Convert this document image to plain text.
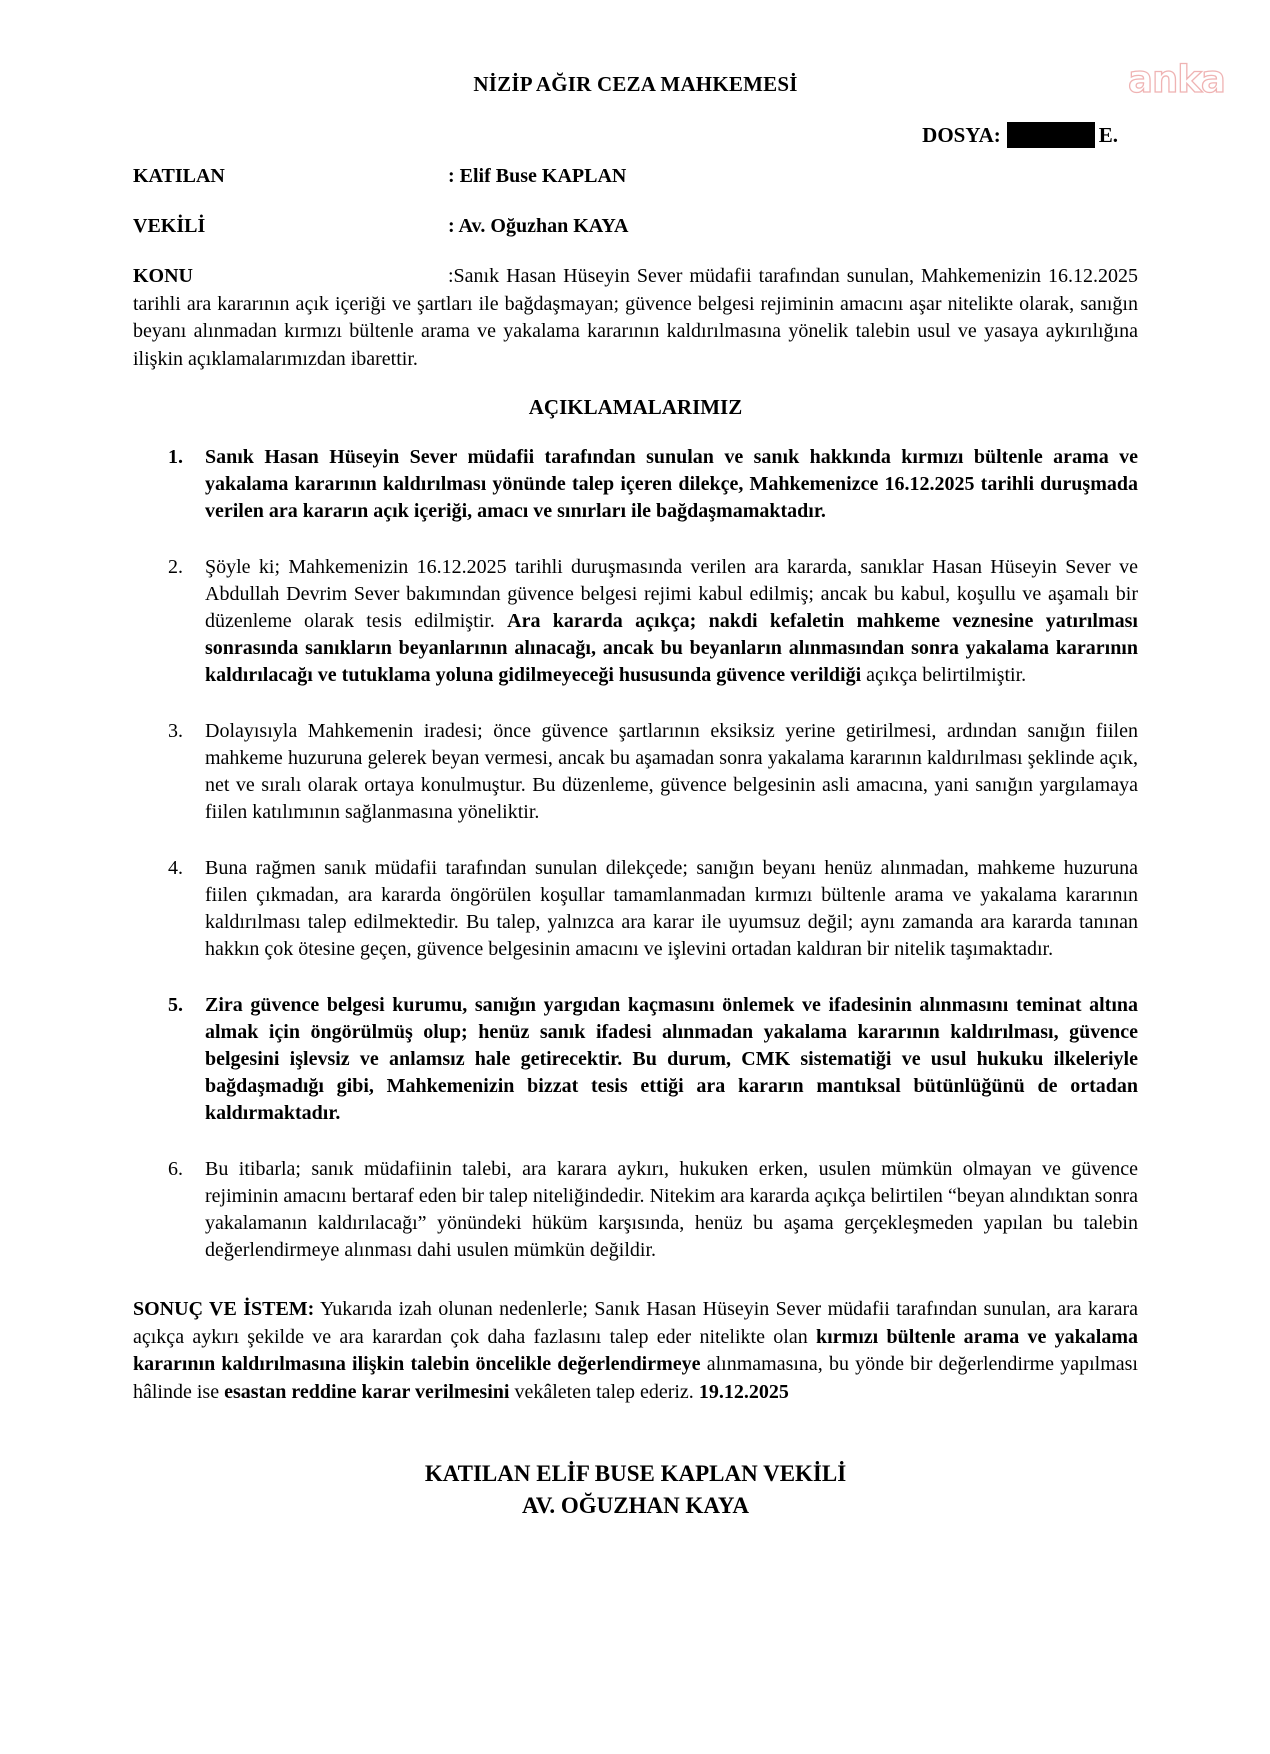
anka
NİZİP AĞIR CEZA MAHKEMESİ
DOSYA:	E.
KATILAN	: Elif Buse KAPLAN
VEKİLİ	: Av. Oğuzhan KAYA

KONU	:Sanık Hasan Hüseyin Sever müdafii tarafından sunulan, Mahkemenizin 16.12.2025 tarihli ara kararının açık içeriği ve şartları ile bağdaşmayan; güvence belgesi rejiminin amacını aşar nitelikte olarak, sanığın beyanı alınmadan kırmızı bültenle arama ve yakalama kararının kaldırılmasına yönelik talebin usul ve yasaya aykırılığına ilişkin açıklamalarımızdan ibarettir.

AÇIKLAMALARIMIZ
1.	Sanık Hasan Hüseyin Sever müdafii tarafından sunulan ve sanık hakkında kırmızı bültenle arama ve yakalama kararının kaldırılması yönünde talep içeren dilekçe, Mahkemenizce 16.12.2025 tarihli duruşmada verilen ara kararın açık içeriği, amacı ve sınırları ile bağdaşmamaktadır.

2.	Şöyle ki; Mahkemenizin 16.12.2025 tarihli duruşmasında verilen ara kararda, sanıklar Hasan Hüseyin Sever ve Abdullah Devrim Sever bakımından güvence belgesi rejimi kabul edilmiş; ancak bu kabul, koşullu ve aşamalı bir düzenleme olarak tesis edilmiştir. Ara kararda açıkça; nakdi kefaletin mahkeme veznesine yatırılması sonrasında sanıkların beyanlarının alınacağı, ancak bu beyanların alınmasından sonra yakalama kararının kaldırılacağı ve tutuklama yoluna gidilmeyeceği hususunda güvence verildiği açıkça belirtilmiştir.

3.	Dolayısıyla Mahkemenin iradesi; önce güvence şartlarının eksiksiz yerine getirilmesi, ardından sanığın fiilen mahkeme huzuruna gelerek beyan vermesi, ancak bu aşamadan sonra yakalama kararının kaldırılması şeklinde açık, net ve sıralı olarak ortaya konulmuştur. Bu düzenleme, güvence belgesinin asli amacına, yani sanığın yargılamaya fiilen katılımının sağlanmasına yöneliktir.

4.	Buna rağmen sanık müdafii tarafından sunulan dilekçede; sanığın beyanı henüz alınmadan, mahkeme huzuruna fiilen çıkmadan, ara kararda öngörülen koşullar tamamlanmadan kırmızı bültenle arama ve yakalama kararının kaldırılması talep edilmektedir. Bu talep, yalnızca ara karar ile uyumsuz değil; aynı zamanda ara kararda tanınan hakkın çok ötesine geçen, güvence belgesinin amacını ve işlevini ortadan kaldıran bir nitelik taşımaktadır.

5.	Zira güvence belgesi kurumu, sanığın yargıdan kaçmasını önlemek ve ifadesinin alınmasını teminat altına almak için öngörülmüş olup; henüz sanık ifadesi alınmadan yakalama kararının kaldırılması, güvence belgesini işlevsiz ve anlamsız hale getirecektir. Bu durum, CMK sistematiği ve usul hukuku ilkeleriyle bağdaşmadığı gibi, Mahkemenizin bizzat tesis ettiği ara kararın mantıksal bütünlüğünü de ortadan kaldırmaktadır.

6.	Bu itibarla; sanık müdafiinin talebi, ara karara aykırı, hukuken erken, usulen mümkün olmayan ve güvence rejiminin amacını bertaraf eden bir talep niteliğindedir. Nitekim ara kararda açıkça belirtilen “beyan alındıktan sonra yakalamanın kaldırılacağı” yönündeki hüküm karşısında, henüz bu aşama gerçekleşmeden yapılan bu talebin değerlendirmeye alınması dahi usulen mümkün değildir.

SONUÇ VE İSTEM: Yukarıda izah olunan nedenlerle; Sanık Hasan Hüseyin Sever müdafii tarafından sunulan, ara karara açıkça aykırı şekilde ve ara karardan çok daha fazlasını talep eder nitelikte olan kırmızı bültenle arama ve yakalama kararının kaldırılmasına ilişkin talebin öncelikle değerlendirmeye alınmamasına, bu yönde bir değerlendirme yapılması hâlinde ise esastan reddine karar verilmesini vekâleten talep ederiz. 19.12.2025

KATILAN ELİF BUSE KAPLAN VEKİLİ
AV. OĞUZHAN KAYA
